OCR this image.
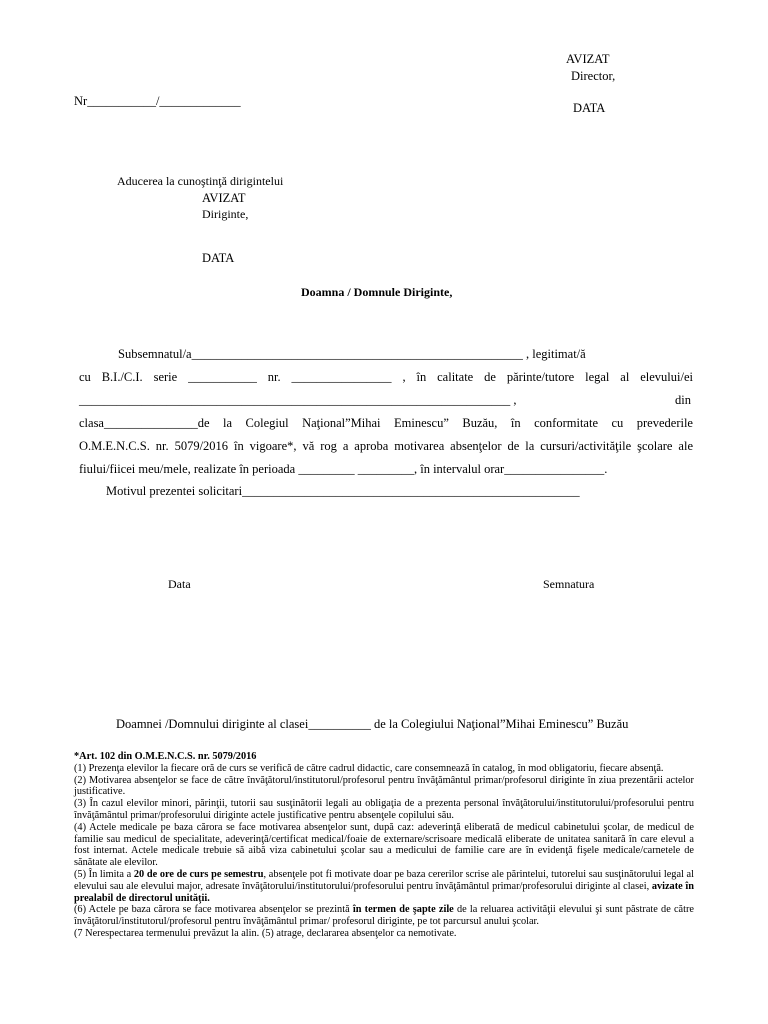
AVIZAT
Director,
Nr___________/_____________	DATA
Aducerea la cunoştinţă dirigintelui
AVIZAT
Diriginte,
DATA
Doamna / Domnule Diriginte,
Subsemnatul/a_____________________________________________________ , legitimat/ă
cu B.I./C.I. serie ___________ nr. ________________ , în calitate de părinte/tutore legal al elevului/ei
_____________________________________________________________________ ,	din
clasa_______________de la Colegiul Naţional”Mihai Eminescu” Buzău, în conformitate cu prevederile
O.M.E.N.C.S. nr. 5079/2016 în vigoare*, vă rog a aproba motivarea absenţelor de la cursuri/activităţile şcolare ale
fiului/fiicei meu/mele, realizate în perioada _________ _________, în intervalul orar________________.
Motivul prezentei solicitari______________________________________________________
Data	Semnatura
Doamnei /Domnului diriginte al clasei__________ de la Colegiului Naţional”Mihai Eminescu” Buzău

*Art. 102 din O.M.E.N.C.S. nr. 5079/2016

(1) Prezenţa elevilor la fiecare oră de curs se verifică de către cadrul didactic, care consemnează în catalog, în mod obligatoriu, fiecare absenţă.

(2) Motivarea absenţelor se face de către învăţătorul/institutorul/profesorul pentru învăţământul primar/profesorul diriginte în ziua prezentării actelor justificative.

(3) În cazul elevilor minori, părinţii, tutorii sau susţinătorii legali au obligaţia de a prezenta personal învăţătorului/institutorului/profesorului pentru învăţământul primar/profesorului diriginte actele justificative pentru absenţele copilului său.

(4) Actele medicale pe baza cărora se face motivarea absenţelor sunt, după caz: adeverinţă eliberată de medicul cabinetului şcolar, de medicul de familie sau medicul de specialitate, adeverinţă/certificat medical/foaie de externare/scrisoare medicală eliberate de unitatea sanitară în care elevul a fost internat. Actele medicale trebuie să aibă viza cabinetului şcolar sau a medicului de familie care are în evidenţă fişele medicale/carnetele de sănătate ale elevilor.

(5) În limita a 20 de ore de curs pe semestru, absenţele pot fi motivate doar pe baza cererilor scrise ale părintelui, tutorelui sau susţinătorului legal al elevului sau ale elevului major, adresate învăţătorului/institutorului/profesorului pentru învăţământul primar/profesorului diriginte al clasei, avizate în prealabil de directorul unităţii.

(6) Actele pe baza cărora se face motivarea absenţelor se prezintă în termen de şapte zile de la reluarea activităţii elevului şi sunt păstrate de către învăţătorul/institutorul/profesorul pentru învăţământul primar/ profesorul diriginte, pe tot parcursul anului şcolar.

(7 Nerespectarea termenului prevăzut la alin. (5) atrage, declararea absenţelor ca nemotivate.
